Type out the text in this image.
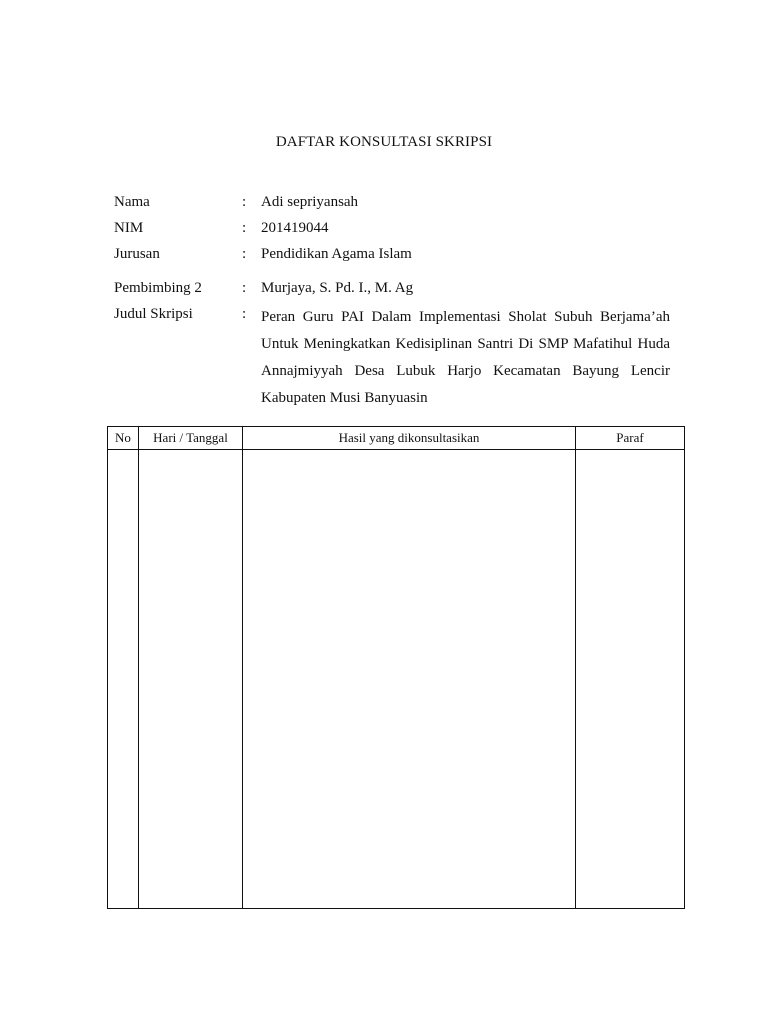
DAFTAR KONSULTASI SKRIPSI
Nama	: Adi sepriyansah
NIM	: 201419044
Jurusan	: Pendidikan Agama Islam
Pembimbing 2	: Murjaya, S. Pd. I., M. Ag
Judul Skripsi	: Peran Guru PAI Dalam Implementasi Sholat Subuh Berjama’ah Untuk Meningkatkan Kedisiplinan Santri Di SMP Mafatihul Huda Annajmiyyah Desa Lubuk Harjo Kecamatan Bayung Lencir Kabupaten Musi Banyuasin
No	Hari / Tanggal	Hasil yang dikonsultasikan	Paraf
